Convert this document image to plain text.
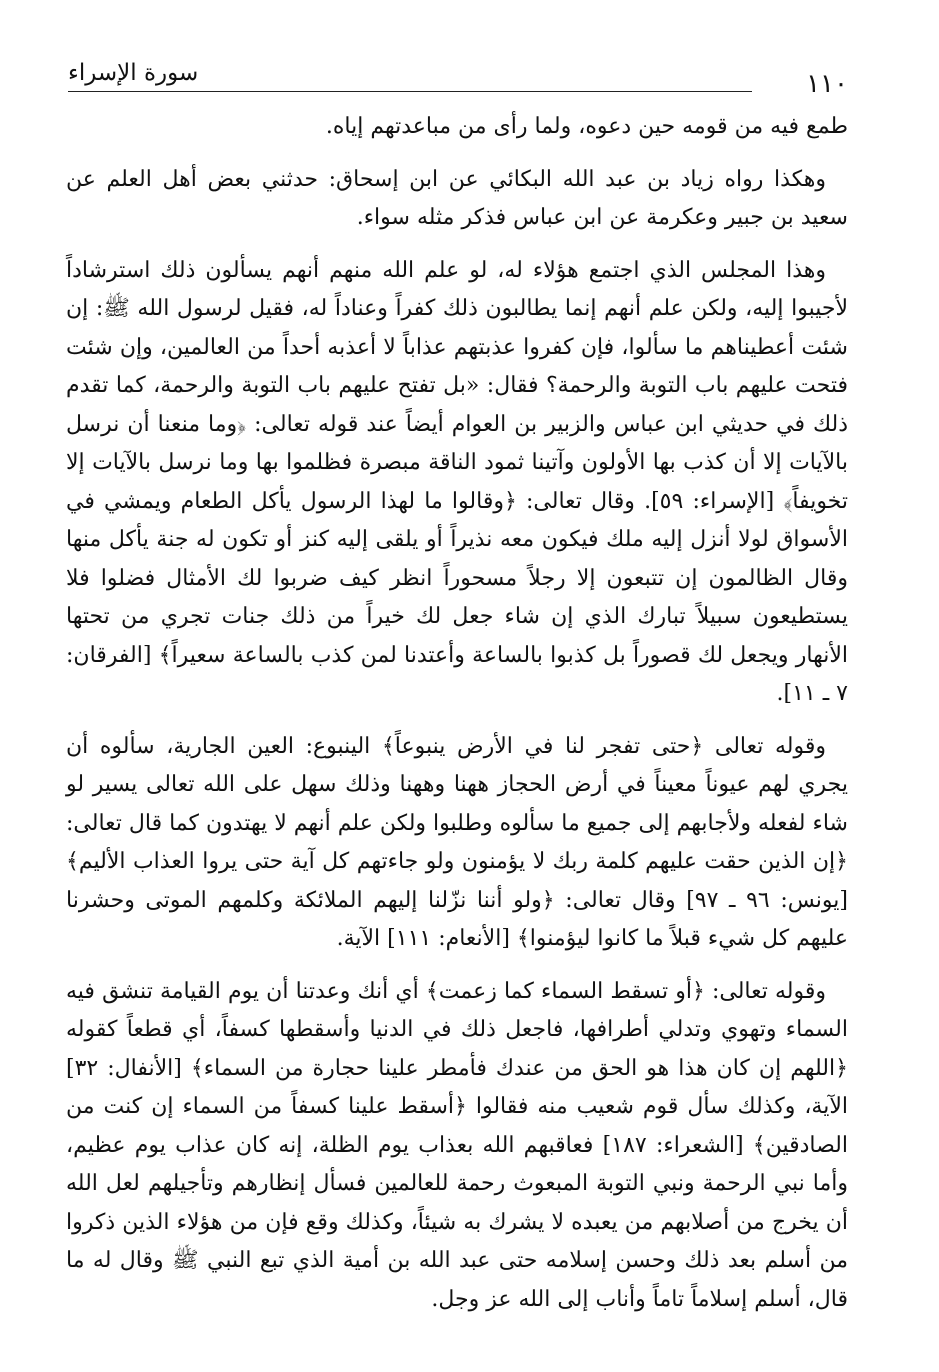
١١٠
سورة الإسراء

طمع فيه من قومه حين دعوه، ولما رأى من مباعدتهم إياه.

وهكذا رواه زياد بن عبد الله البكائي عن ابن إسحاق: حدثني بعض أهل العلم عن سعيد بن جبير وعكرمة عن ابن عباس فذكر مثله سواء.

وهذا المجلس الذي اجتمع هؤلاء له، لو علم الله منهم أنهم يسألون ذلك استرشاداً لأجيبوا إليه، ولكن علم أنهم إنما يطالبون ذلك كفراً وعناداً له، فقيل لرسول الله ﷺ: إن شئت أعطيناهم ما سألوا، فإن كفروا عذبتهم عذاباً لا أعذبه أحداً من العالمين، وإن شئت فتحت عليهم باب التوبة والرحمة؟ فقال: «بل تفتح عليهم باب التوبة والرحمة، كما تقدم ذلك في حديثي ابن عباس والزبير بن العوام أيضاً عند قوله تعالى: ﴿وما منعنا أن نرسل بالآيات إلا أن كذب بها الأولون وآتينا ثمود الناقة مبصرة فظلموا بها وما نرسل بالآيات إلا تخويفاً﴾ [الإسراء: ٥٩]. وقال تعالى: ﴿وقالوا ما لهذا الرسول يأكل الطعام ويمشي في الأسواق لولا أنزل إليه ملك فيكون معه نذيراً أو يلقى إليه كنز أو تكون له جنة يأكل منها وقال الظالمون إن تتبعون إلا رجلاً مسحوراً انظر كيف ضربوا لك الأمثال فضلوا فلا يستطيعون سبيلاً تبارك الذي إن شاء جعل لك خيراً من ذلك جنات تجري من تحتها الأنهار ويجعل لك قصوراً بل كذبوا بالساعة وأعتدنا لمن كذب بالساعة سعيراً﴾ [الفرقان: ٧ ـ ١١].

وقوله تعالى ﴿حتى تفجر لنا في الأرض ينبوعاً﴾ الينبوع: العين الجارية، سألوه أن يجري لهم عيوناً معيناً في أرض الحجاز ههنا وههنا وذلك سهل على الله تعالى يسير لو شاء لفعله ولأجابهم إلى جميع ما سألوه وطلبوا ولكن علم أنهم لا يهتدون كما قال تعالى: ﴿إن الذين حقت عليهم كلمة ربك لا يؤمنون ولو جاءتهم كل آية حتى يروا العذاب الأليم﴾ [يونس: ٩٦ ـ ٩٧] وقال تعالى: ﴿ولو أننا نزّلنا إليهم الملائكة وكلمهم الموتى وحشرنا عليهم كل شيء قبلاً ما كانوا ليؤمنوا﴾ [الأنعام: ١١١] الآية.

وقوله تعالى: ﴿أو تسقط السماء كما زعمت﴾ أي أنك وعدتنا أن يوم القيامة تنشق فيه السماء وتهوي وتدلي أطرافها، فاجعل ذلك في الدنيا وأسقطها كسفاً، أي قطعاً كقوله ﴿اللهم إن كان هذا هو الحق من عندك فأمطر علينا حجارة من السماء﴾ [الأنفال: ٣٢] الآية، وكذلك سأل قوم شعيب منه فقالوا ﴿أسقط علينا كسفاً من السماء إن كنت من الصادقين﴾ [الشعراء: ١٨٧] فعاقبهم الله بعذاب يوم الظلة، إنه كان عذاب يوم عظيم، وأما نبي الرحمة ونبي التوبة المبعوث رحمة للعالمين فسأل إنظارهم وتأجيلهم لعل الله أن يخرج من أصلابهم من يعبده لا يشرك به شيئاً، وكذلك وقع فإن من هؤلاء الذين ذكروا من أسلم بعد ذلك وحسن إسلامه حتى عبد الله بن أمية الذي تبع النبي ﷺ وقال له ما قال، أسلم إسلاماً تاماً وأناب إلى الله عز وجل.
